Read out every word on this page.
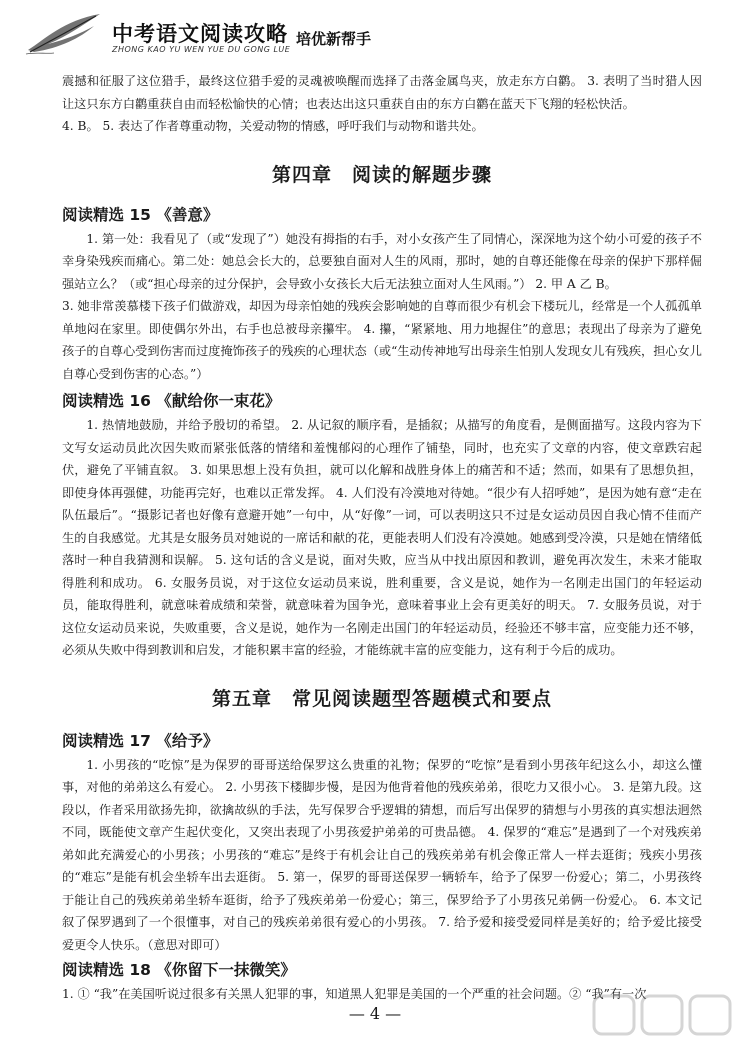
中考语文阅读攻略
ZHONG KAO YU WEN YUE DU GONG LUE
培优新帮手

震撼和征服了这位猎手，最终这位猎手爱的灵魂被唤醒而选择了击落金属鸟夹，放走东方白鹳。 3. 表明了当时猎人因让这只东方白鹳重获自由而轻松愉快的心情；也表达出这只重获自由的东方白鹳在蓝天下飞翔的轻松快活。

4. B。 5. 表达了作者尊重动物，关爱动物的情感，呼吁我们与动物和谐共处。

第四章　阅读的解题步骤
阅读精选 15 《善意》

1. 第一处：我看见了（或“发现了”）她没有拇指的右手，对小女孩产生了同情心，深深地为这个幼小可爱的孩子不幸身染残疾而痛心。第二处：她总会长大的，总要独自面对人生的风雨，那时，她的自尊还能像在母亲的保护下那样倔强站立么？（或“担心母亲的过分保护，会导致小女孩长大后无法独立面对人生风雨。”） 2. 甲 A 乙 B。

3. 她非常羡慕楼下孩子们做游戏，却因为母亲怕她的残疾会影响她的自尊而很少有机会下楼玩儿，经常是一个人孤孤单单地闷在家里。即使偶尔外出，右手也总被母亲攥牢。 4. 攥，“紧紧地、用力地握住”的意思；表现出了母亲为了避免孩子的自尊心受到伤害而过度掩饰孩子的残疾的心理状态（或“生动传神地写出母亲生怕别人发现女儿有残疾，担心女儿自尊心受到伤害的心态。”）

阅读精选 16 《献给你一束花》

1. 热情地鼓励，并给予殷切的希望。 2. 从记叙的顺序看，是插叙；从描写的角度看，是侧面描写。这段内容为下文写女运动员此次因失败而紧张低落的情绪和羞愧郁闷的心理作了铺垫，同时，也充实了文章的内容，使文章跌宕起伏，避免了平铺直叙。 3. 如果思想上没有负担，就可以化解和战胜身体上的痛苦和不适；然而，如果有了思想负担，即使身体再强健，功能再完好，也难以正常发挥。 4. 人们没有冷漠地对待她。“很少有人招呼她”，是因为她有意“走在队伍最后”。“摄影记者也好像有意避开她”一句中，从“好像”一词，可以表明这只不过是女运动员因自我心情不佳而产生的自我感觉。尤其是女服务员对她说的一席话和献的花，更能表明人们没有冷漠她。她感到受冷漠，只是她在情绪低落时一种自我猜测和误解。 5. 这句话的含义是说，面对失败，应当从中找出原因和教训，避免再次发生，未来才能取得胜利和成功。 6. 女服务员说，对于这位女运动员来说，胜利重要，含义是说，她作为一名刚走出国门的年轻运动员，能取得胜利，就意味着成绩和荣誉，就意味着为国争光，意味着事业上会有更美好的明天。 7. 女服务员说，对于这位女运动员来说，失败重要，含义是说，她作为一名刚走出国门的年轻运动员，经验还不够丰富，应变能力还不够，必须从失败中得到教训和启发，才能积累丰富的经验，才能练就丰富的应变能力，这有利于今后的成功。

第五章　常见阅读题型答题模式和要点
阅读精选 17 《给予》

1. 小男孩的“吃惊”是为保罗的哥哥送给保罗这么贵重的礼物；保罗的“吃惊”是看到小男孩年纪这么小，却这么懂事，对他的弟弟这么有爱心。 2. 小男孩下楼脚步慢，是因为他背着他的残疾弟弟，很吃力又很小心。 3. 是第九段。这段以，作者采用欲扬先抑，欲擒故纵的手法，先写保罗合乎逻辑的猜想，而后写出保罗的猜想与小男孩的真实想法迥然不同，既能使文章产生起伏变化，又突出表现了小男孩爱护弟弟的可贵品德。 4. 保罗的“难忘”是遇到了一个对残疾弟弟如此充满爱心的小男孩；小男孩的“难忘”是终于有机会让自己的残疾弟弟有机会像正常人一样去逛街；残疾小男孩的“难忘”是能有机会坐轿车出去逛街。 5. 第一，保罗的哥哥送保罗一辆轿车，给予了保罗一份爱心；第二，小男孩终于能让自己的残疾弟弟坐轿车逛街，给予了残疾弟弟一份爱心；第三，保罗给予了小男孩兄弟俩一份爱心。 6. 本文记叙了保罗遇到了一个很懂事，对自己的残疾弟弟很有爱心的小男孩。 7. 给予爱和接受爱同样是美好的；给予爱比接受爱更令人快乐。（意思对即可）

阅读精选 18 《你留下一抹微笑》

1. ① “我”在美国听说过很多有关黑人犯罪的事，知道黑人犯罪是美国的一个严重的社会问题。② “我”有一次

— 4 —
